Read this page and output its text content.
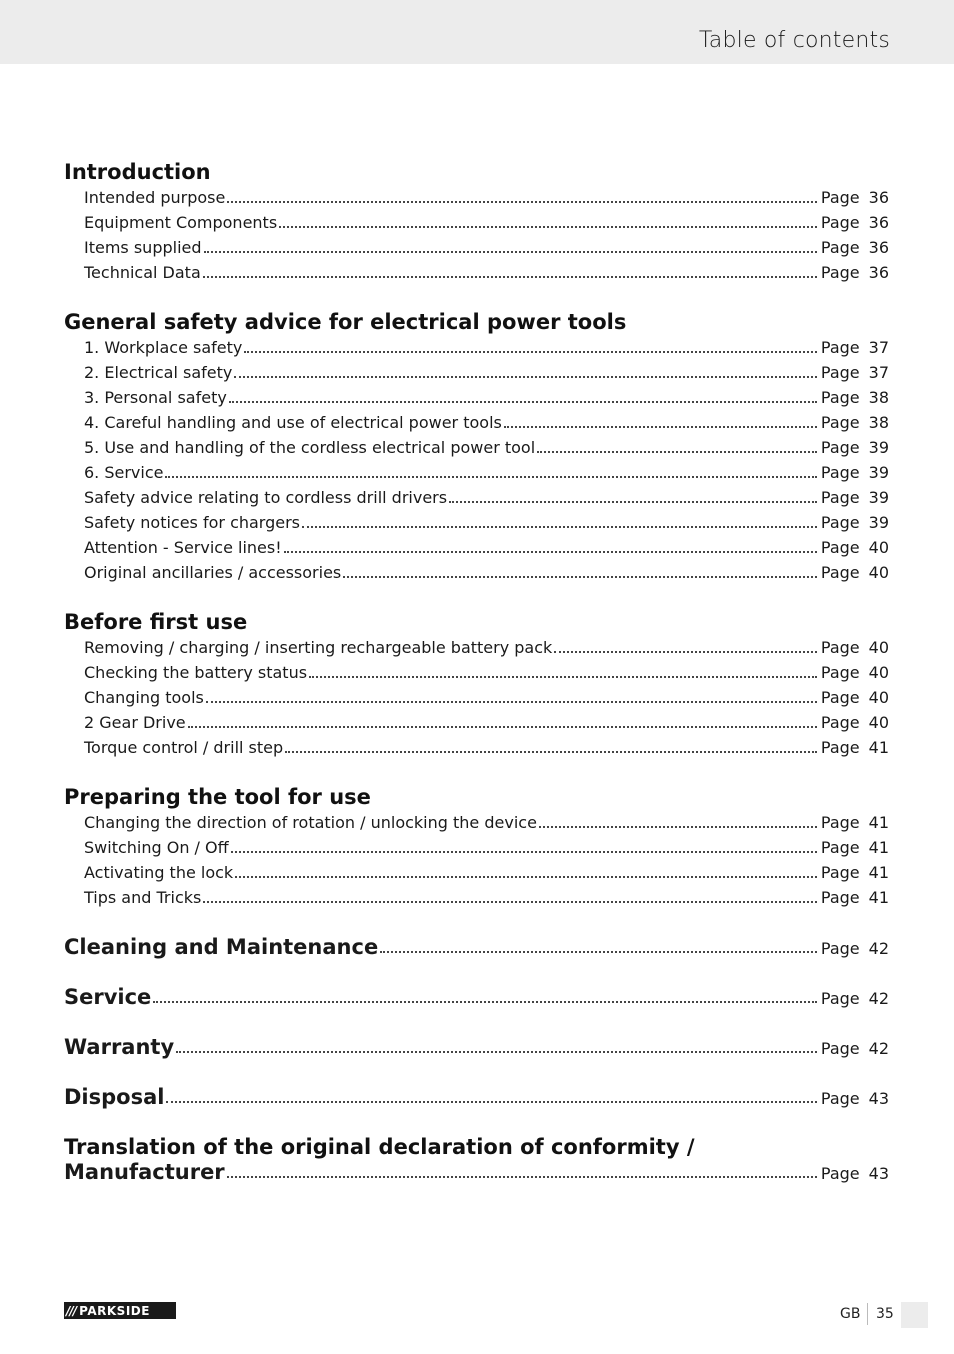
Table of contents
Introduction
Intended purpose	Page 36
Equipment Components	Page 36
Items supplied	Page 36
Technical Data	Page 36
General safety advice for electrical power tools
1. Workplace safety	Page 37
2. Electrical safety	Page 37
3. Personal safety	Page 38
4. Careful handling and use of electrical power tools	Page 38
5. Use and handling of the cordless electrical power tool	Page 39
6. Service	Page 39
Safety advice relating to cordless drill drivers	Page 39
Safety notices for chargers	Page 39
Attention - Service lines!	Page 40
Original ancillaries / accessories	Page 40
Before first use
Removing / charging / inserting rechargeable battery pack	Page 40
Checking the battery status	Page 40
Changing tools	Page 40
2 Gear Drive	Page 40
Torque control / drill step	Page 41
Preparing the tool for use
Changing the direction of rotation / unlocking the device	Page 41
Switching On / Off	Page 41
Activating the lock	Page 41
Tips and Tricks	Page 41
Cleaning and Maintenance	Page 42
Service	Page 42
Warranty	Page 42
Disposal	Page 43
Translation of the original declaration of conformity /
Manufacturer	Page 43
/// PARKSIDE	GB 35
